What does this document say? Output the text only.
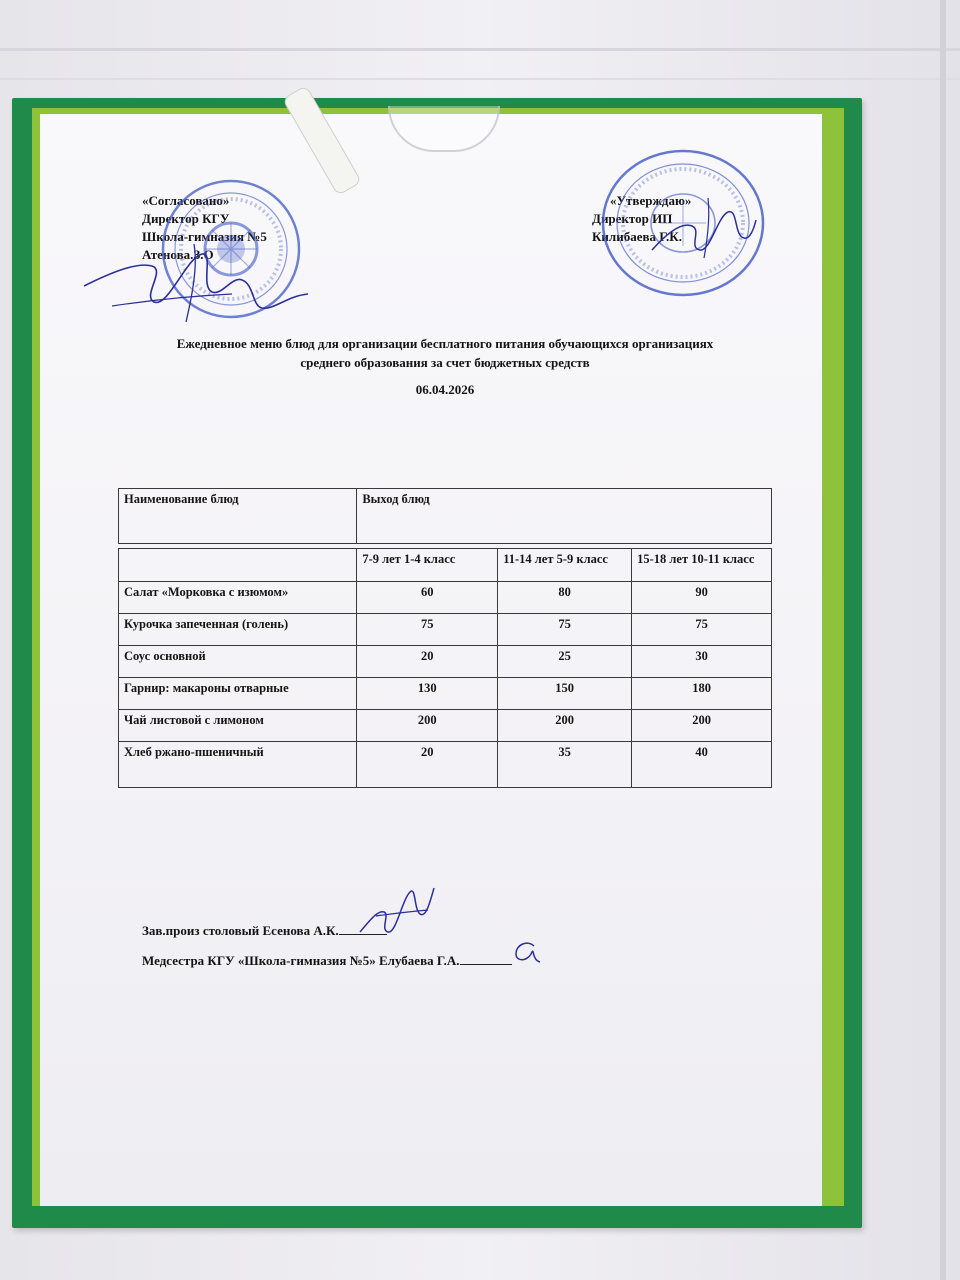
«Согласовано»
Директор КГУ
Школа-гимназия №5
Атенова.З.О
«Утверждаю»
Директор ИП
Килибаева Г.К.
Ежедневное меню блюд для организации бесплатного питания обучающихся организациях
среднего образования за счет бюджетных средств
06.04.2026
Наименование блюд	Выход блюд		

	7-9 лет 1-4 класс	11-14 лет 5-9 класс	15-18 лет 10-11 класс
Салат «Морковка с изюмом»	60	80	90
Курочка запеченная (голень)	75	75	75
Соус основной	20	25	30
Гарнир: макароны отварные	130	150	180
Чай листовой с лимоном	200	200	200
Хлеб ржано-пшеничный	20	35	40
Зав.произ столовый Есенова А.К.
Медсестра КГУ «Школа-гимназия №5» Елубаева Г.А.
